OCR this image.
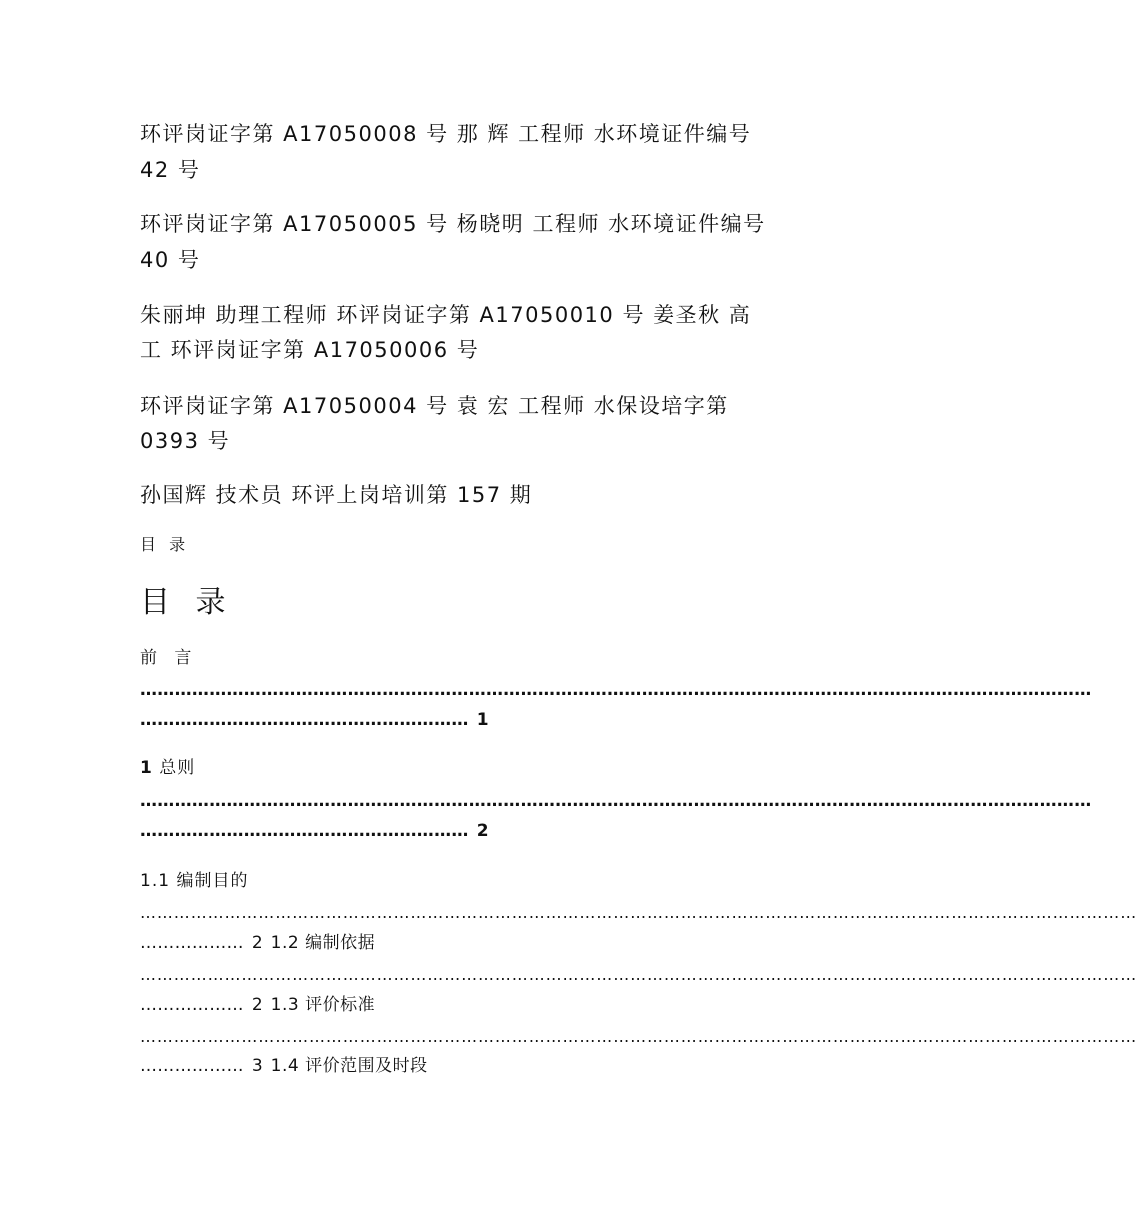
环评岗证字第 A17050008 号 那 辉 工程师 水环境证件编号
42 号
环评岗证字第 A17050005 号 杨晓明 工程师 水环境证件编号
40 号
朱丽坤 助理工程师 环评岗证字第 A17050010 号 姜圣秋 高
工 环评岗证字第 A17050006 号
环评岗证字第 A17050004 号 袁 宏 工程师 水保设培字第
0393 号
孙国辉 技术员 环评上岗培训第 157 期
目 录
目 录
前 言
…………………………………………………………………………………………………………………………………………………
………………………………………………… 1
1 总则
…………………………………………………………………………………………………………………………………………………
………………………………………………… 2
1.1 编制目的
……………………………………………………………………………………………………………………………………………………………
……………… 2 1.2 编制依据
……………………………………………………………………………………………………………………………………………………………
……………… 2 1.3 评价标准
……………………………………………………………………………………………………………………………………………………………
……………… 3 1.4 评价范围及时段
